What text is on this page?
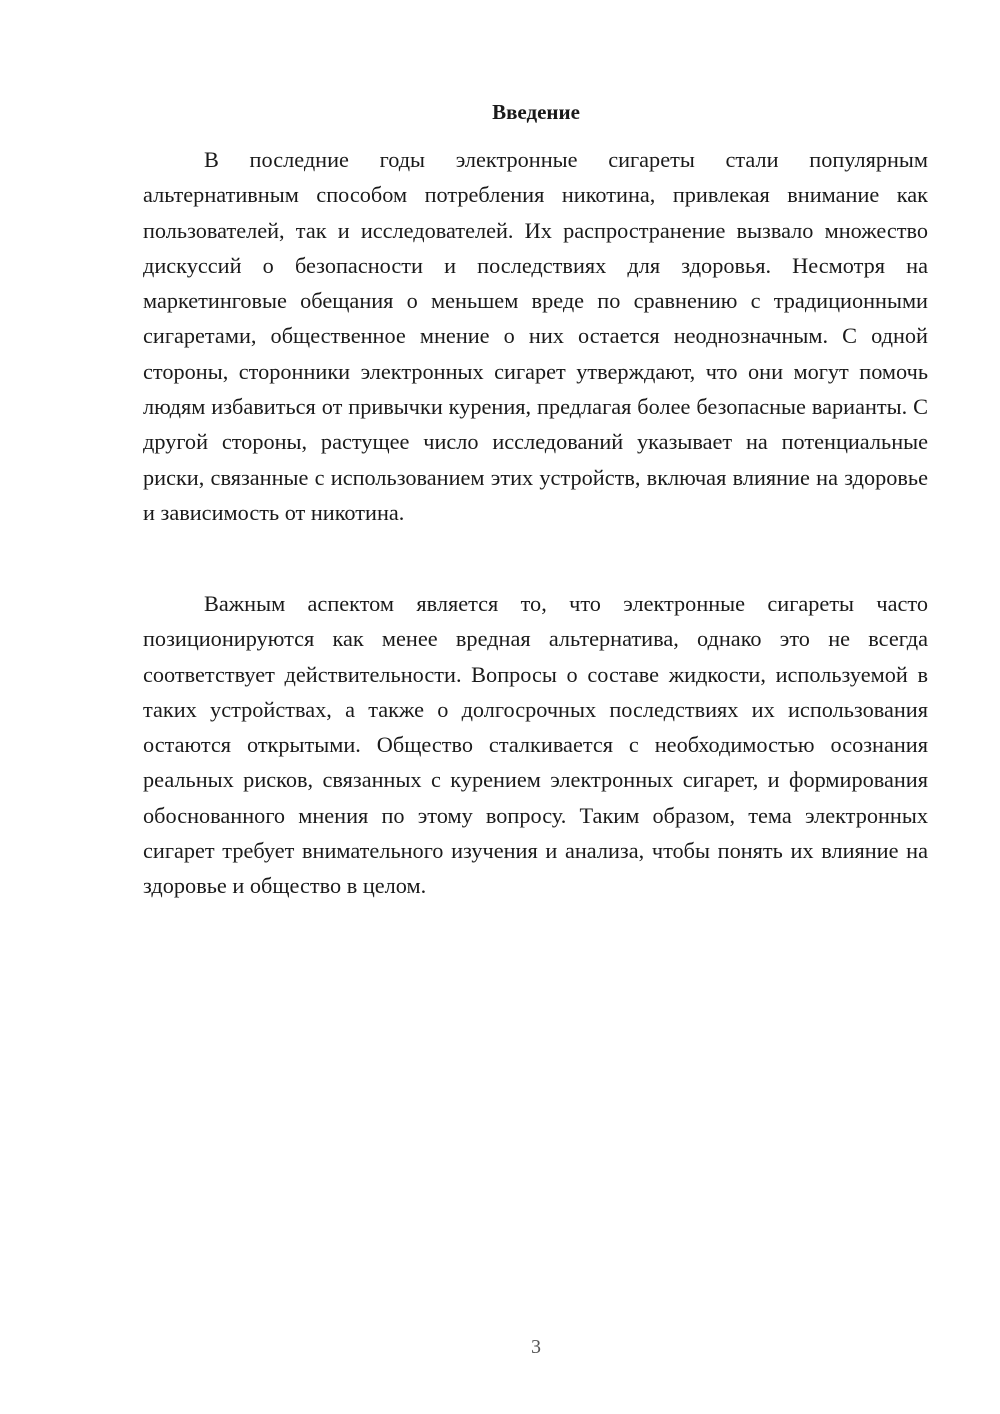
Введение

В последние годы электронные сигареты стали популярным альтернативным способом потребления никотина, привлекая внимание как пользователей, так и исследователей. Их распространение вызвало множество дискуссий о безопасности и последствиях для здоровья. Несмотря на маркетинговые обещания о меньшем вреде по сравнению с традиционными сигаретами, общественное мнение о них остается неоднозначным. С одной стороны, сторонники электронных сигарет утверждают, что они могут помочь людям избавиться от привычки курения, предлагая более безопасные варианты. С другой стороны, растущее число исследований указывает на потенциальные риски, связанные с использованием этих устройств, включая влияние на здоровье и зависимость от никотина.

Важным аспектом является то, что электронные сигареты часто позиционируются как менее вредная альтернатива, однако это не всегда соответствует действительности. Вопросы о составе жидкости, используемой в таких устройствах, а также о долгосрочных последствиях их использования остаются открытыми. Общество сталкивается с необходимостью осознания реальных рисков, связанных с курением электронных сигарет, и формирования обоснованного мнения по этому вопросу. Таким образом, тема электронных сигарет требует внимательного изучения и анализа, чтобы понять их влияние на здоровье и общество в целом.

3
